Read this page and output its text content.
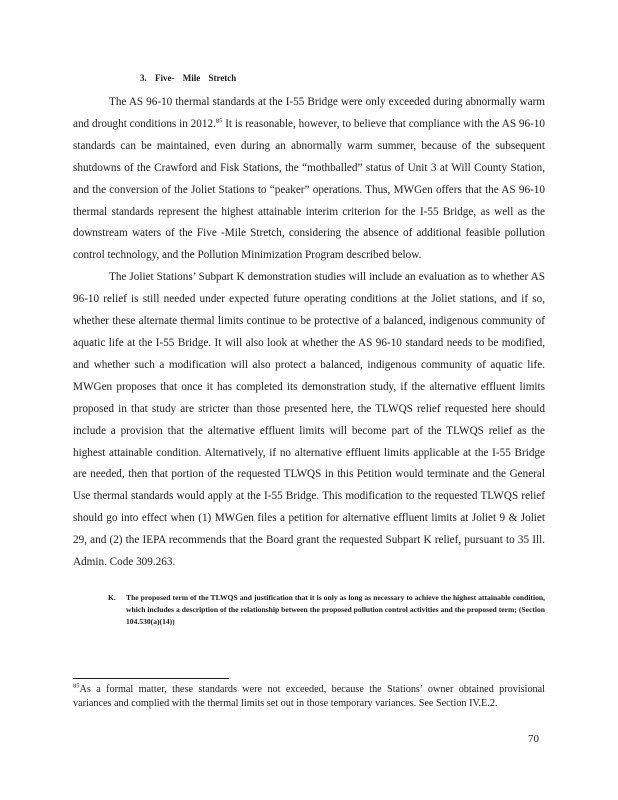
3. Five- Mile Stretch

The AS 96-10 thermal standards at the I-55 Bridge were only exceeded during abnormally warm and drought conditions in 2012.85 It is reasonable, however, to believe that compliance with the AS 96-10 standards can be maintained, even during an abnormally warm summer, because of the subsequent shutdowns of the Crawford and Fisk Stations, the “mothballed” status of Unit 3 at Will County Station, and the conversion of the Joliet Stations to “peaker” operations. Thus, MWGen offers that the AS 96-10 thermal standards represent the highest attainable interim criterion for the I-55 Bridge, as well as the downstream waters of the Five -Mile Stretch, considering the absence of additional feasible pollution control technology, and the Pollution Minimization Program described below.

The Joliet Stations’ Subpart K demonstration studies will include an evaluation as to whether AS 96-10 relief is still needed under expected future operating conditions at the Joliet stations, and if so, whether these alternate thermal limits continue to be protective of a balanced, indigenous community of aquatic life at the I-55 Bridge. It will also look at whether the AS 96-10 standard needs to be modified, and whether such a modification will also protect a balanced, indigenous community of aquatic life. MWGen proposes that once it has completed its demonstration study, if the alternative effluent limits proposed in that study are stricter than those presented here, the TLWQS relief requested here should include a provision that the alternative effluent limits will become part of the TLWQS relief as the highest attainable condition. Alternatively, if no alternative effluent limits applicable at the I-55 Bridge are needed, then that portion of the requested TLWQS in this Petition would terminate and the General Use thermal standards would apply at the I-55 Bridge. This modification to the requested TLWQS relief should go into effect when (1) MWGen files a petition for alternative effluent limits at Joliet 9 & Joliet 29, and (2) the IEPA recommends that the Board grant the requested Subpart K relief, pursuant to 35 Ill. Admin. Code 309.263.

K. The proposed term of the TLWQS and justification that it is only as long as necessary to achieve the highest attainable condition, which includes a description of the relationship between the proposed pollution control activities and the proposed term; (Section 104.530(a)(14))
$^{85}$As a formal matter, these standards were not exceeded, because the Stations’ owner obtained provisional variances and complied with the thermal limits set out in those temporary variances. See Section IV.E.2.
70
